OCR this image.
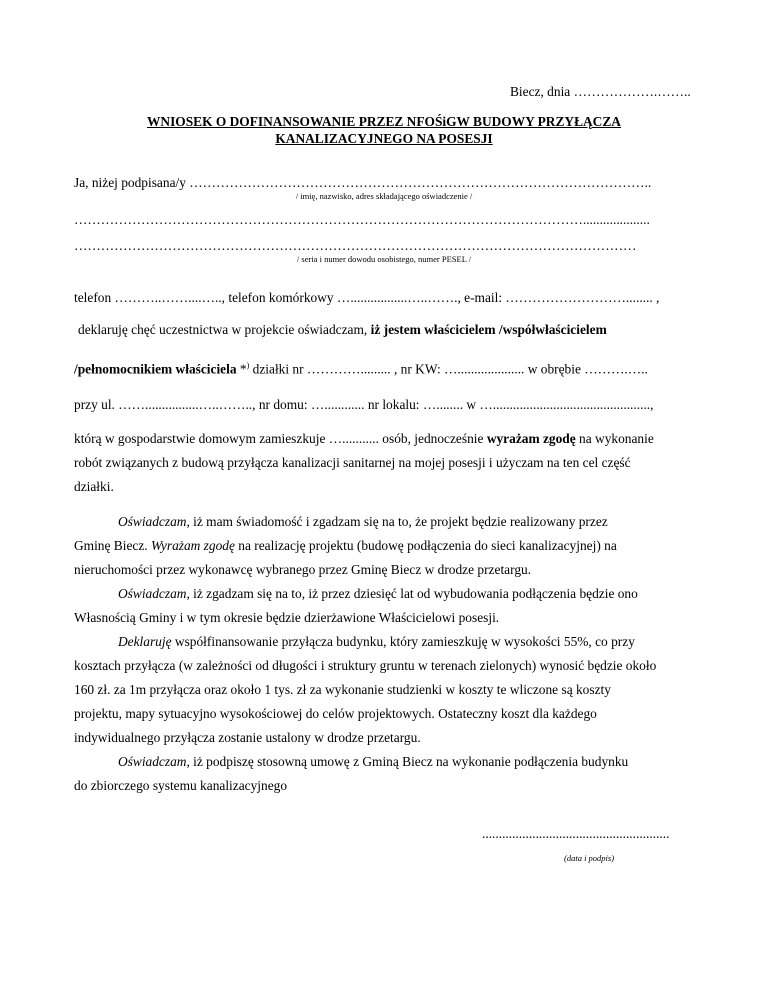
Biecz, dnia ……………….……..
WNIOSEK O DOFINANSOWANIE PRZEZ NFOŚiGW BUDOWY PRZYŁĄCZA
KANALIZACYJNEGO NA POSESJI
Ja, niżej podpisana/y …………………………………………………………………………………………..
/ imię, nazwisko, adres składającego oświadczenie /
……………………………………………………………………………………………………....................
………………………………………………………………………………………………………………
/ seria i numer dowodu osobistego, numer PESEL /
telefon ………..……....….., telefon komórkowy ….................…..……., e-mail: ………………………........ ,
deklaruję chęć uczestnictwa w projekcie oświadczam, iż jestem właścicielem /współwłaścicielem
/pełnomocnikiem właściciela *) działki nr …………......... , nr KW: ….................... w obrębie ……….…..
przy ul. ……................…..…….., nr domu: …............ nr lokalu: …........ w …...............................................,
którą w gospodarstwie domowym zamieszkuje …........... osób, jednocześnie wyrażam zgodę na wykonanie
robót związanych z budową przyłącza kanalizacji sanitarnej na mojej posesji i użyczam na ten cel część
działki.
Oświadczam, iż mam świadomość i zgadzam się na to, że projekt będzie realizowany przez
Gminę Biecz. Wyrażam zgodę na realizację projektu (budowę podłączenia do sieci kanalizacyjnej) na
nieruchomości przez wykonawcę wybranego przez Gminę Biecz w drodze przetargu.
Oświadczam, iż zgadzam się na to, iż przez dziesięć lat od wybudowania podłączenia będzie ono
Własnością Gminy i w tym okresie będzie dzierżawione Właścicielowi posesji.
Deklaruję współfinansowanie przyłącza budynku, który zamieszkuję w wysokości 55%, co przy
kosztach przyłącza (w zależności od długości i struktury gruntu w terenach zielonych) wynosić będzie około
160 zł. za 1m przyłącza oraz około 1 tys. zł za wykonanie studzienki w koszty te wliczone są koszty
projektu, mapy sytuacyjno wysokościowej do celów projektowych. Ostateczny koszt dla każdego
indywidualnego przyłącza zostanie ustalony w drodze przetargu.
Oświadczam, iż podpiszę stosowną umowę z Gminą Biecz na wykonanie podłączenia budynku
do zbiorczego systemu kanalizacyjnego
........................................................
(data i podpis)
